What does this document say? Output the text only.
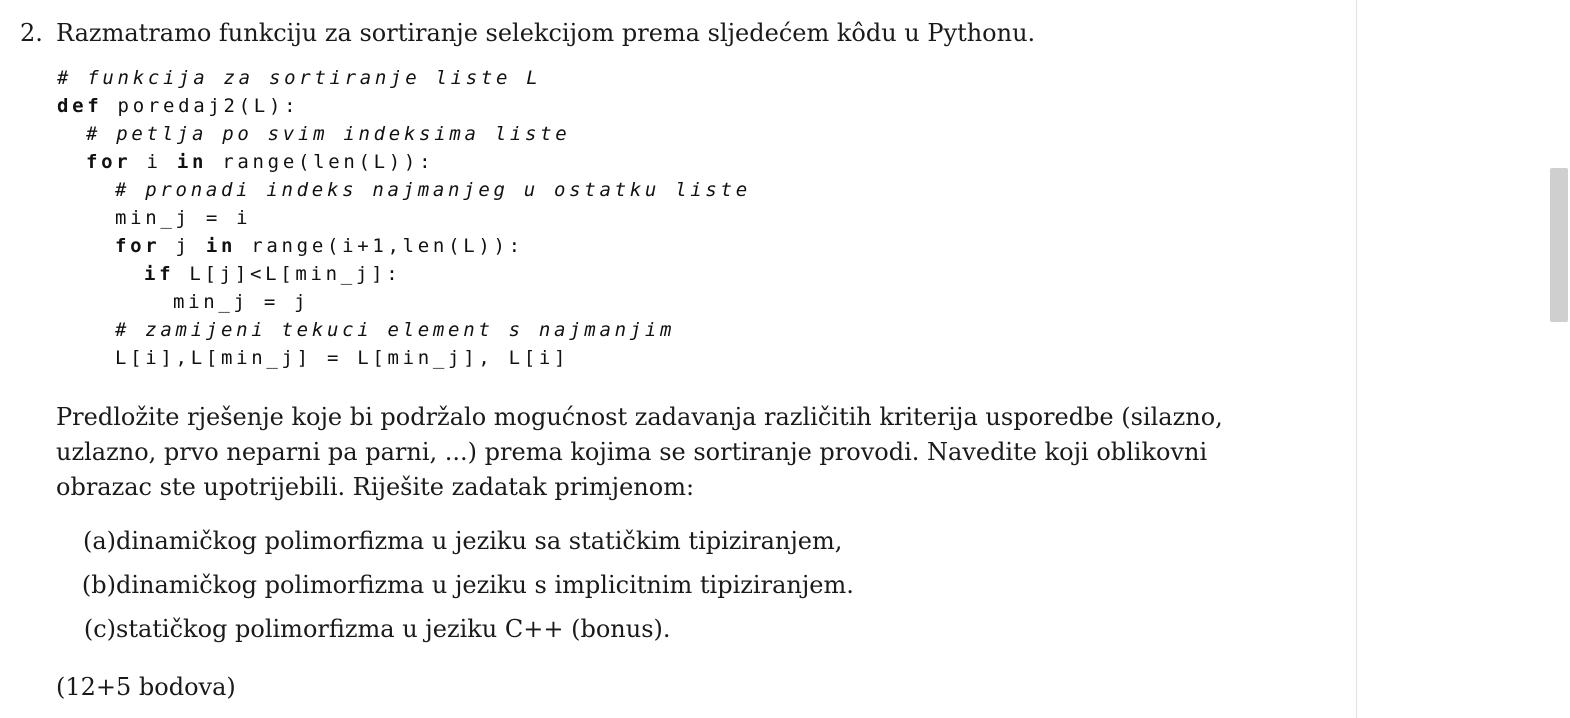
2. Razmatramo funkciju za sortiranje selekcijom prema sljedećem kôdu u Pythonu.
# funkcija za sortiranje liste L
def poredaj2(L):
# petlja po svim indeksima liste
for i in range(len(L)):
# pronadi indeks najmanjeg u ostatku liste
min_j = i
for j in range(i+1,len(L)):
if L[j]<L[min_j]:
min_j = j
# zamijeni tekuci element s najmanjim
L[i],L[min_j] = L[min_j], L[i]
Predložite rješenje koje bi podržalo mogućnost zadavanja različitih kriterija usporedbe (silazno,
uzlazno, prvo neparni pa parni, ...) prema kojima se sortiranje provodi. Navedite koji oblikovni
obrazac ste upotrijebili. Riješite zadatak primjenom:
(a)dinamičkog polimorfizma u jeziku sa statičkim tipiziranjem,
(b)dinamičkog polimorfizma u jeziku s implicitnim tipiziranjem.
(c)statičkog polimorfizma u jeziku C++ (bonus).
(12+5 bodova)
